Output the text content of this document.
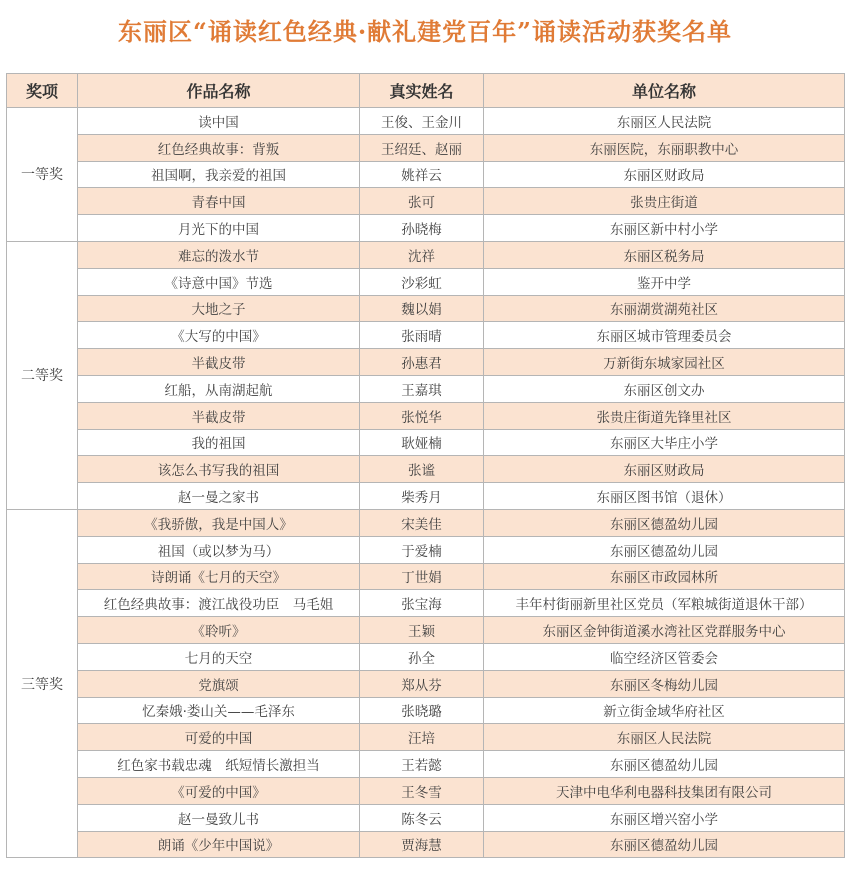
东丽区“诵读红色经典·献礼建党百年”诵读活动获奖名单
奖项	作品名称	真实姓名	单位名称
一等奖	读中国	王俊、王金川	东丽区人民法院
	红色经典故事：背叛	王绍廷、赵丽	东丽医院，东丽职教中心
	祖国啊，我亲爱的祖国	姚祥云	东丽区财政局
	青春中国	张可	张贵庄街道
	月光下的中国	孙晓梅	东丽区新中村小学
二等奖	难忘的泼水节	沈祥	东丽区税务局
	《诗意中国》节选	沙彩虹	鉴开中学
	大地之子	魏以娟	东丽湖赏湖苑社区
	《大写的中国》	张雨晴	东丽区城市管理委员会
	半截皮带	孙惠君	万新街东城家园社区
	红船，从南湖起航	王嘉琪	东丽区创文办
	半截皮带	张悦华	张贵庄街道先锋里社区
	我的祖国	耿娅楠	东丽区大毕庄小学
	该怎么书写我的祖国	张谧	东丽区财政局
	赵一曼之家书	柴秀月	东丽区图书馆（退休）
三等奖	《我骄傲，我是中国人》	宋美佳	东丽区德盈幼儿园
	祖国（或以梦为马）	于爱楠	东丽区德盈幼儿园
	诗朗诵《七月的天空》	丁世娟	东丽区市政园林所
	红色经典故事：渡江战役功臣　马毛姐	张宝海	丰年村街丽新里社区党员（军粮城街道退休干部）
	《聆听》	王颖	东丽区金钟街道溪水湾社区党群服务中心
	七月的天空	孙全	临空经济区管委会
	党旗颂	郑从芬	东丽区冬梅幼儿园
	忆秦娥·娄山关——毛泽东	张晓璐	新立街金域华府社区
	可爱的中国	汪培	东丽区人民法院
	红色家书载忠魂　纸短情长激担当	王若懿	东丽区德盈幼儿园
	《可爱的中国》	王冬雪	天津中电华利电器科技集团有限公司
	赵一曼致儿书	陈冬云	东丽区增兴窑小学
	朗诵《少年中国说》	贾海慧	东丽区德盈幼儿园
